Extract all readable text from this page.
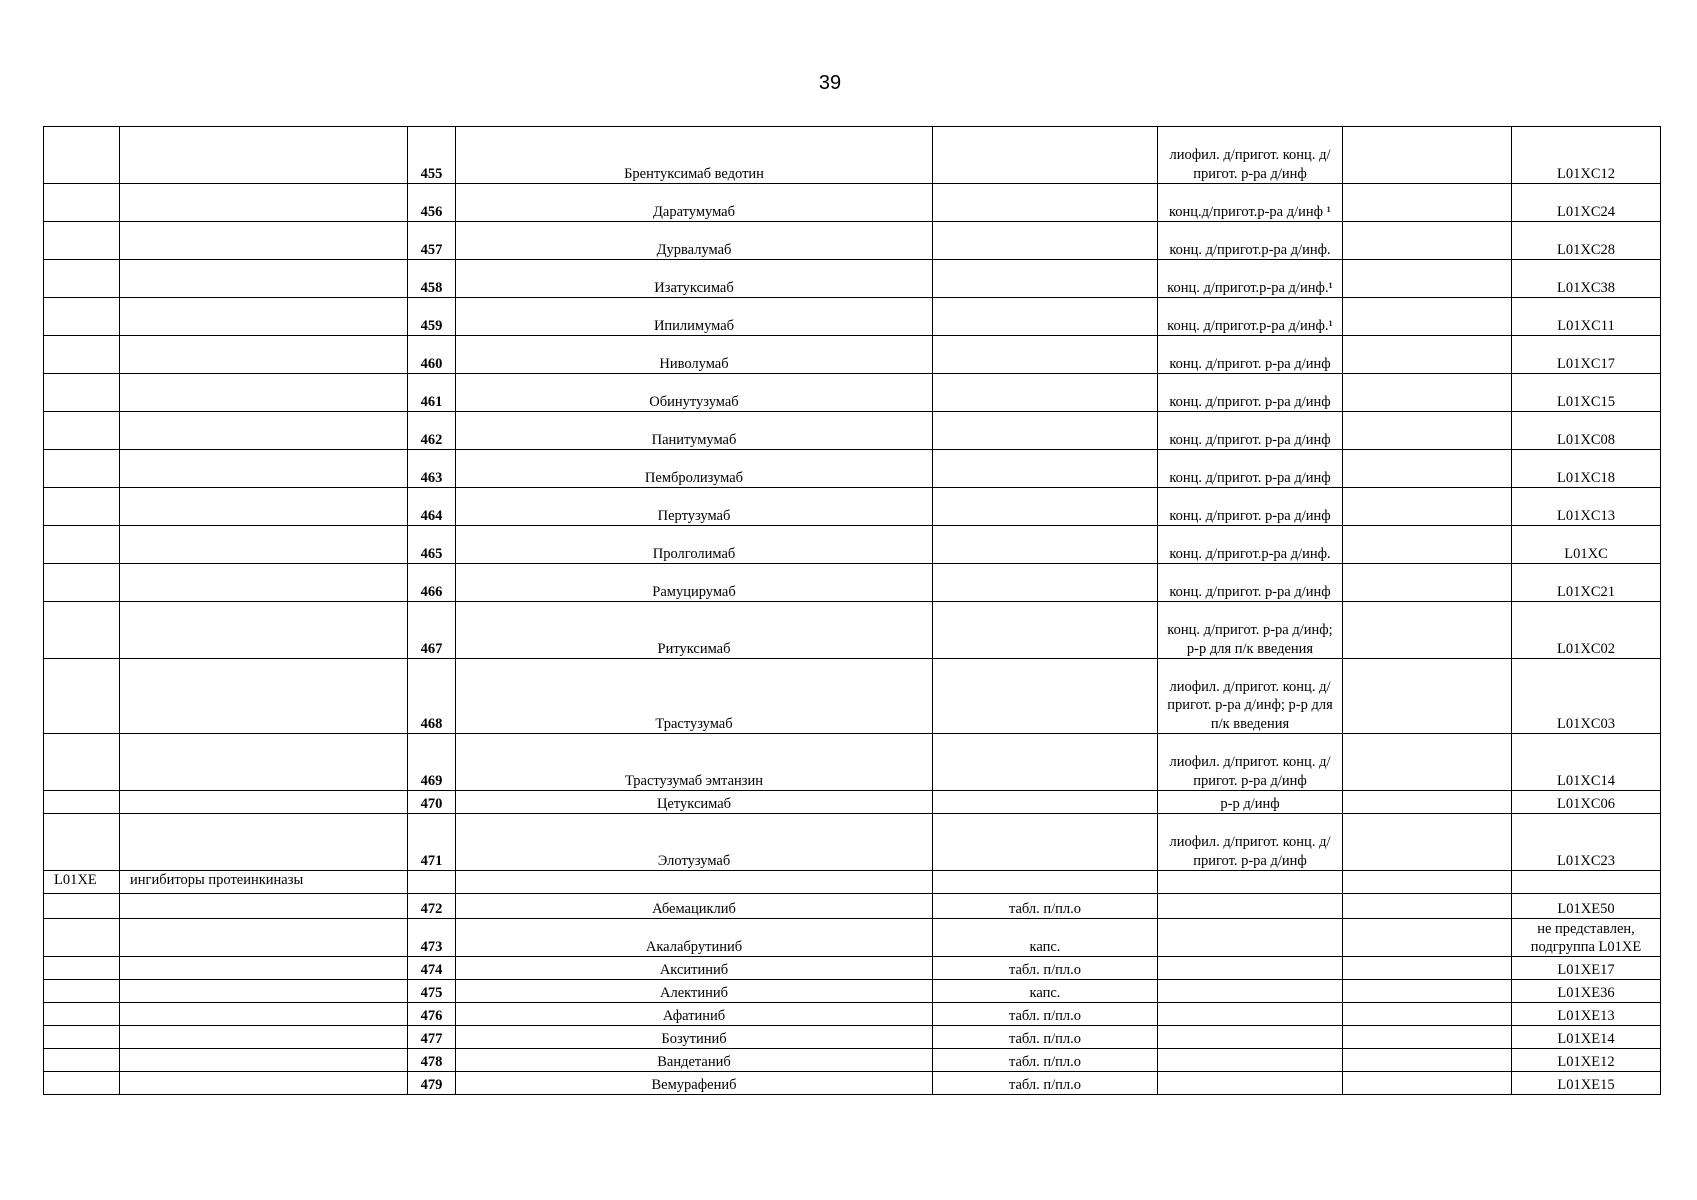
39
		455	Брентуксимаб ведотин		лиофил. д/пригот. конц. д/пригот. р-ра д/инф		L01XC12
		456	Даратумумаб		конц.д/пригот.р-ра д/инф ¹		L01XC24
		457	Дурвалумаб		конц. д/пригот.р-ра д/инф.		L01XC28
		458	Изатуксимаб		конц. д/пригот.р-ра д/инф.¹		L01XC38
		459	Ипилимумаб		конц. д/пригот.р-ра д/инф.¹		L01XC11
		460	Ниволумаб		конц. д/пригот. р-ра д/инф		L01XC17
		461	Обинутузумаб		конц. д/пригот. р-ра д/инф		L01XC15
		462	Панитумумаб		конц. д/пригот. р-ра д/инф		L01XC08
		463	Пембролизумаб		конц. д/пригот. р-ра д/инф		L01XC18
		464	Пертузумаб		конц. д/пригот. р-ра д/инф		L01XC13
		465	Пролголимаб		конц. д/пригот.р-ра д/инф.		L01XC
		466	Рамуцирумаб		конц. д/пригот. р-ра д/инф		L01XC21
		467	Ритуксимаб		конц. д/пригот. р-ра д/инф; р-р для п/к введения		L01XC02
		468	Трастузумаб		лиофил. д/пригот. конц. д/пригот. р-ра д/инф; р-р для п/к введения		L01XC03
		469	Трастузумаб эмтанзин		лиофил. д/пригот. конц. д/пригот. р-ра д/инф		L01XC14
		470	Цетуксимаб		р-р д/инф		L01XC06
		471	Элотузумаб		лиофил. д/пригот. конц. д/пригот. р-ра д/инф		L01XC23
L01XE	ингибиторы протеинкиназы						
		472	Абемациклиб	табл. п/пл.о			L01XE50
		473	Акалабрутиниб	капс.			не представлен, подгруппа L01XE
		474	Акситиниб	табл. п/пл.о			L01XE17
		475	Алектиниб	капс.			L01XE36
		476	Афатиниб	табл. п/пл.о			L01XE13
		477	Бозутиниб	табл. п/пл.о			L01XE14
		478	Вандетаниб	табл. п/пл.о			L01XE12
		479	Вемурафениб	табл. п/пл.о			L01XE15
